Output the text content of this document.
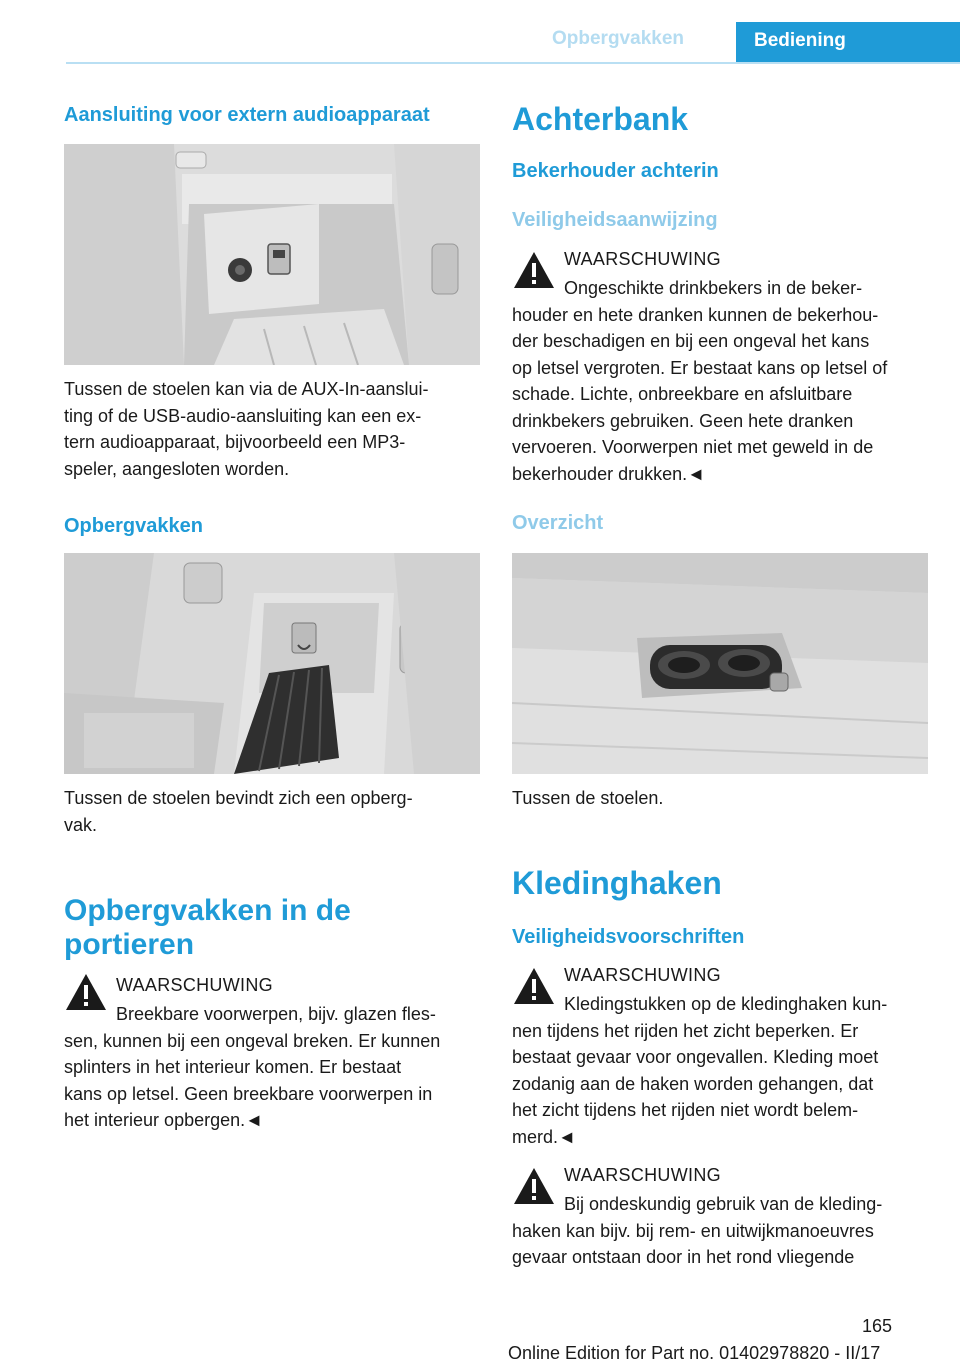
Opbergvakken	Bediening
Aansluiting voor extern audioapparaat
Tussen de stoelen kan via de AUX-In-aanslui-
ting of de USB-audio-aansluiting kan een ex-
tern audioapparaat, bijvoorbeeld een MP3-
speler, aangesloten worden.
Opbergvakken
Tussen de stoelen bevindt zich een opberg-
vak.
Opbergvakken in de
portieren
WAARSCHUWING
Breekbare voorwerpen, bijv. glazen fles-
sen, kunnen bij een ongeval breken. Er kunnen
splinters in het interieur komen. Er bestaat
kans op letsel. Geen breekbare voorwerpen in
het interieur opbergen.◄
Achterbank
Bekerhouder achterin
Veiligheidsaanwijzing
WAARSCHUWING
Ongeschikte drinkbekers in de beker-
houder en hete dranken kunnen de bekerhou-
der beschadigen en bij een ongeval het kans
op letsel vergroten. Er bestaat kans op letsel of
schade. Lichte, onbreekbare en afsluitbare
drinkbekers gebruiken. Geen hete dranken
vervoeren. Voorwerpen niet met geweld in de
bekerhouder drukken.◄
Overzicht
Tussen de stoelen.
Kledinghaken
Veiligheidsvoorschriften
WAARSCHUWING
Kledingstukken op de kledinghaken kun-
nen tijdens het rijden het zicht beperken. Er
bestaat gevaar voor ongevallen. Kleding moet
zodanig aan de haken worden gehangen, dat
het zicht tijdens het rijden niet wordt belem-
merd.◄
WAARSCHUWING
Bij ondeskundig gebruik van de kleding-
haken kan bijv. bij rem- en uitwijkmanoeuvres
gevaar ontstaan door in het rond vliegende
165
Online Edition for Part no. 01402978820 - II/17
